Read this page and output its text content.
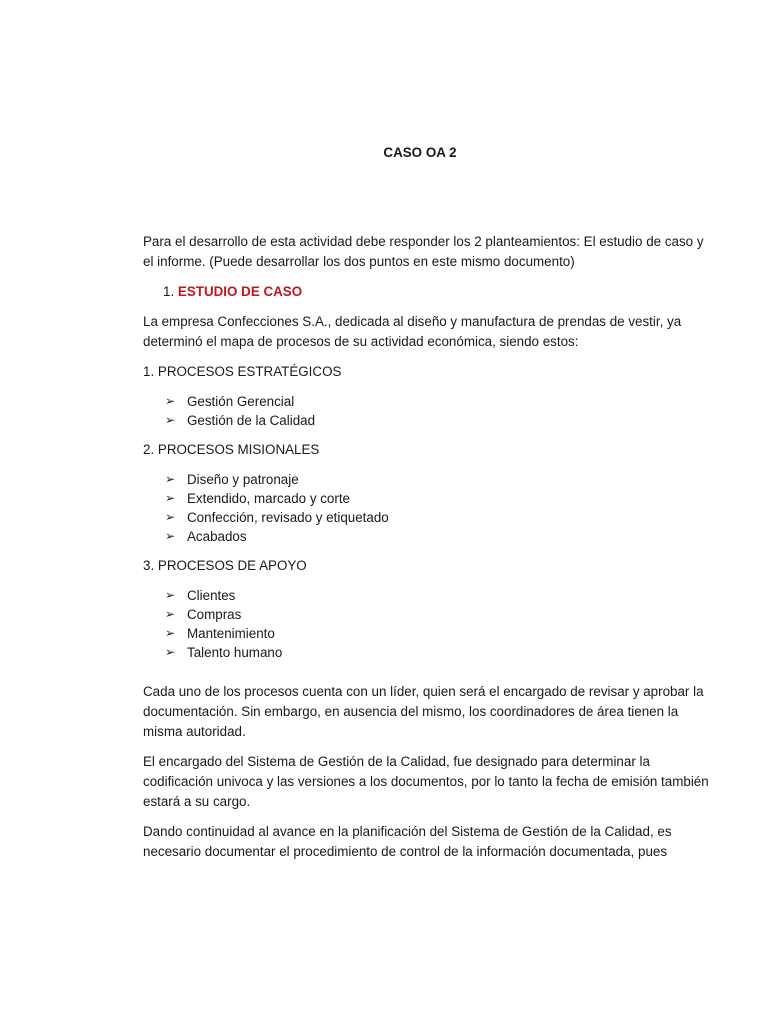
CASO OA 2

Para el desarrollo de esta actividad debe responder los 2 planteamientos: El estudio de caso y el informe. (Puede desarrollar los dos puntos en este mismo documento)

1. ESTUDIO DE CASO

La empresa Confecciones S.A., dedicada al diseño y manufactura de prendas de vestir, ya determinó el mapa de procesos de su actividad económica, siendo estos:

1. PROCESOS ESTRATÉGICOS

➢ Gestión Gerencial
➢ Gestión de la Calidad

2. PROCESOS MISIONALES

➢ Diseño y patronaje
➢ Extendido, marcado y corte
➢ Confección, revisado y etiquetado
➢ Acabados

3. PROCESOS DE APOYO

➢ Clientes
➢ Compras
➢ Mantenimiento
➢ Talento humano

Cada uno de los procesos cuenta con un líder, quien será el encargado de revisar y aprobar la documentación. Sin embargo, en ausencia del mismo, los coordinadores de área tienen la misma autoridad.

El encargado del Sistema de Gestión de la Calidad, fue designado para determinar la codificación univoca y las versiones a los documentos, por lo tanto la fecha de emisión también estará a su cargo.

Dando continuidad al avance en la planificación del Sistema de Gestión de la Calidad, es necesario documentar el procedimiento de control de la información documentada, pues
